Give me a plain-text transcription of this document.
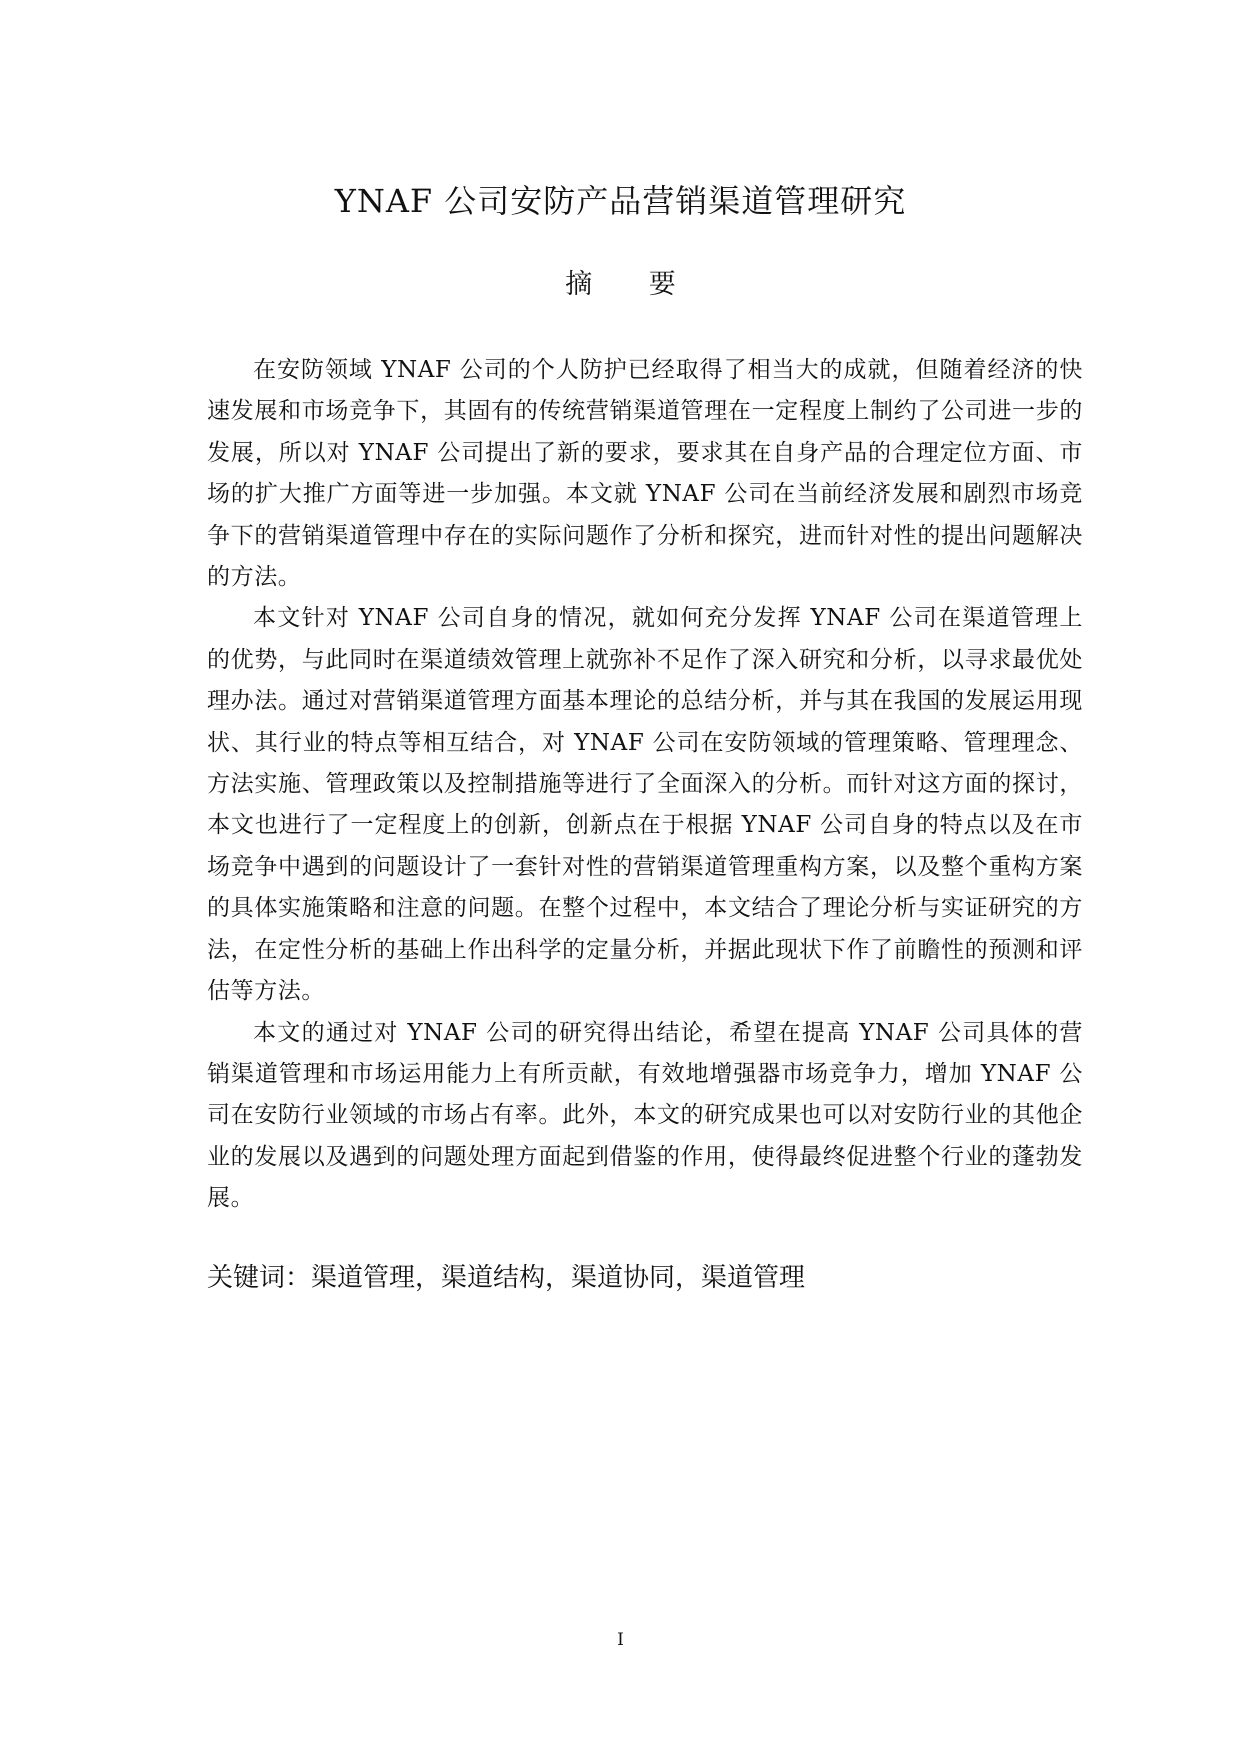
YNAF 公司安防产品营销渠道管理研究
摘 要

在安防领域 YNAF 公司的个人防护已经取得了相当大的成就，但随着经济的快速发展和市场竞争下，其固有的传统营销渠道管理在一定程度上制约了公司进一步的发展，所以对 YNAF 公司提出了新的要求，要求其在自身产品的合理定位方面、市场的扩大推广方面等进一步加强。本文就 YNAF 公司在当前经济发展和剧烈市场竞争下的营销渠道管理中存在的实际问题作了分析和探究，进而针对性的提出问题解决的方法。

本文针对 YNAF 公司自身的情况，就如何充分发挥 YNAF 公司在渠道管理上的优势，与此同时在渠道绩效管理上就弥补不足作了深入研究和分析，以寻求最优处理办法。通过对营销渠道管理方面基本理论的总结分析，并与其在我国的发展运用现状、其行业的特点等相互结合，对 YNAF 公司在安防领域的管理策略、管理理念、方法实施、管理政策以及控制措施等进行了全面深入的分析。而针对这方面的探讨，本文也进行了一定程度上的创新，创新点在于根据 YNAF 公司自身的特点以及在市场竞争中遇到的问题设计了一套针对性的营销渠道管理重构方案，以及整个重构方案的具体实施策略和注意的问题。在整个过程中，本文结合了理论分析与实证研究的方法，在定性分析的基础上作出科学的定量分析，并据此现状下作了前瞻性的预测和评估等方法。

本文的通过对 YNAF 公司的研究得出结论，希望在提高 YNAF 公司具体的营销渠道管理和市场运用能力上有所贡献，有效地增强器市场竞争力，增加 YNAF 公司在安防行业领域的市场占有率。此外，本文的研究成果也可以对安防行业的其他企业的发展以及遇到的问题处理方面起到借鉴的作用，使得最终促进整个行业的蓬勃发展。

关键词：渠道管理，渠道结构，渠道协同，渠道管理

I
